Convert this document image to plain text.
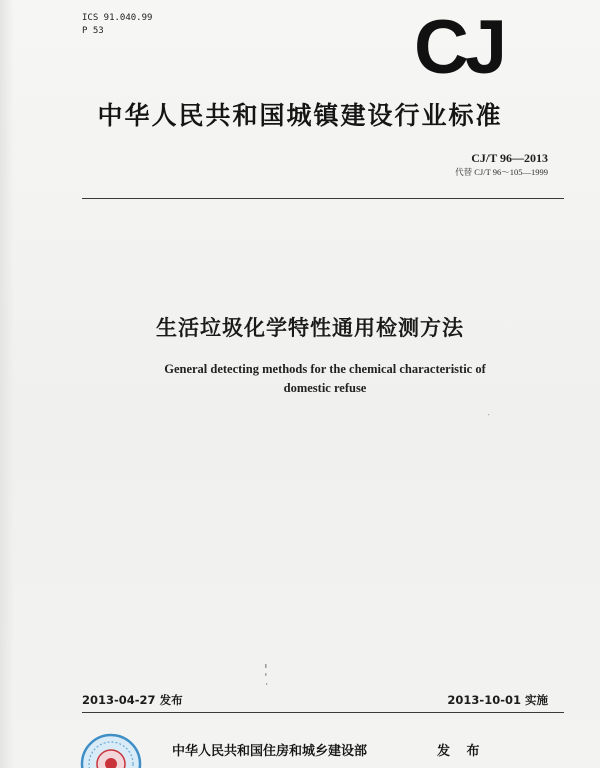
ICS 91.040.99
P 53	CJ
中华人民共和国城镇建设行业标准
CJ/T 96—2013
代替 CJ/T 96～105—1999
生活垃圾化学特性通用检测方法
General detecting methods for the chemical characteristic of
domestic refuse
2013-04-27 发布	2013-10-01 实施
中华人民共和国住房和城乡建设部	发 布
